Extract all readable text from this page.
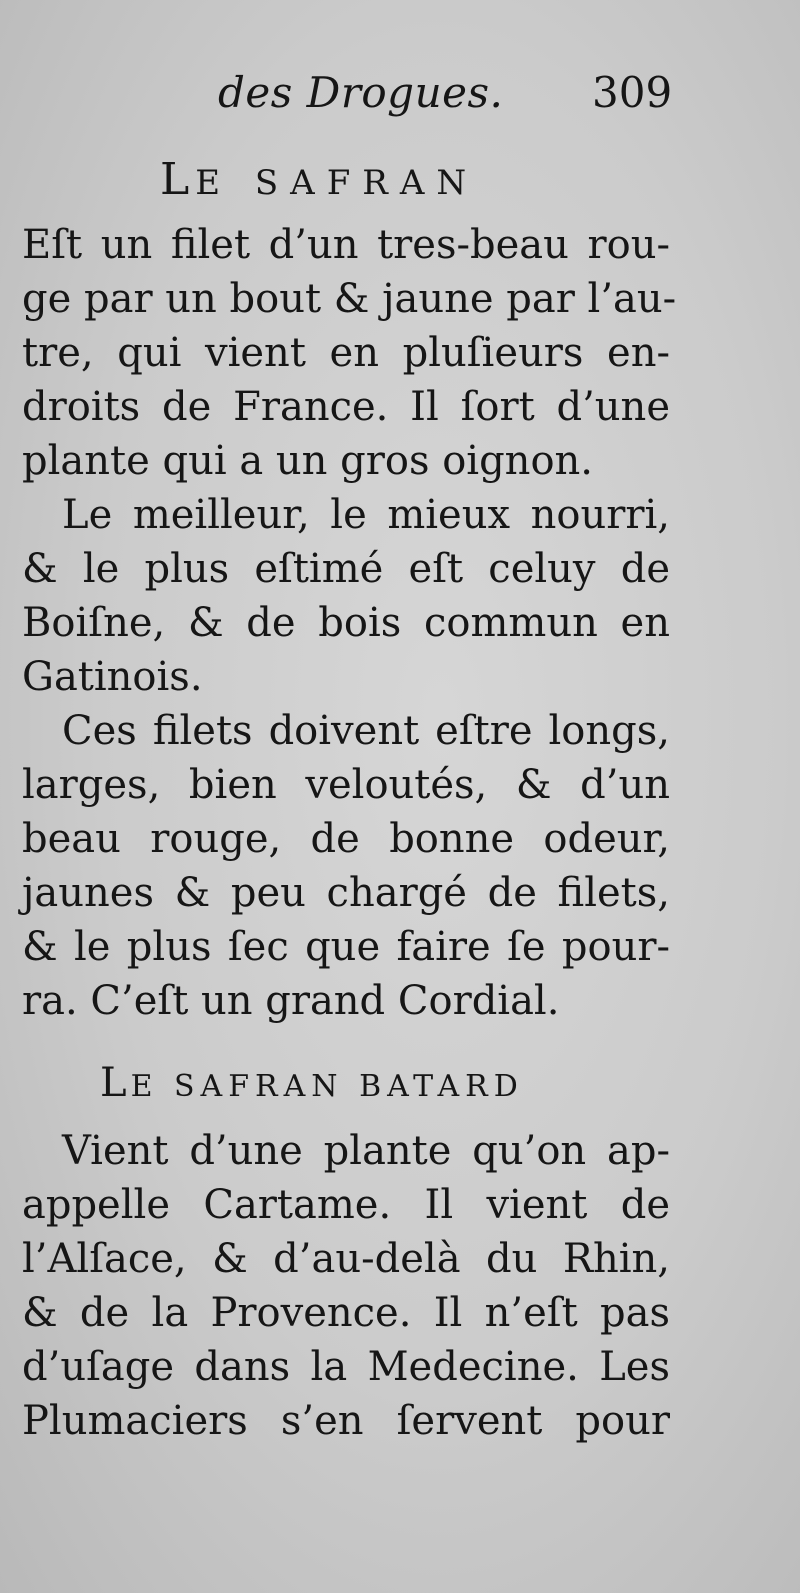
des Drogues. 309
LE SAFRAN
Eſt un filet d’un tres-beau rou-
ge par un bout & jaune par l’au-
tre, qui vient en pluſieurs en-
droits de France. Il ſort d’une
plante qui a un gros oignon.
Le meilleur, le mieux nourri,
& le plus eſtimé eſt celuy de
Boiſne, & de bois commun en
Gatinois.
Ces filets doivent eſtre longs,
larges, bien veloutés, & d’un
beau rouge, de bonne odeur,
jaunes & peu chargé de filets,
& le plus ſec que faire ſe pour-
ra. C’eſt un grand Cordial.
LE SAFRAN BATARD
Vient d’une plante qu’on ap-
appelle Cartame. Il vient de
l’Alſace, & d’au-delà du Rhin,
& de la Provence. Il n’eſt pas
d’uſage dans la Medecine. Les
Plumaciers s’en ſervent pour
